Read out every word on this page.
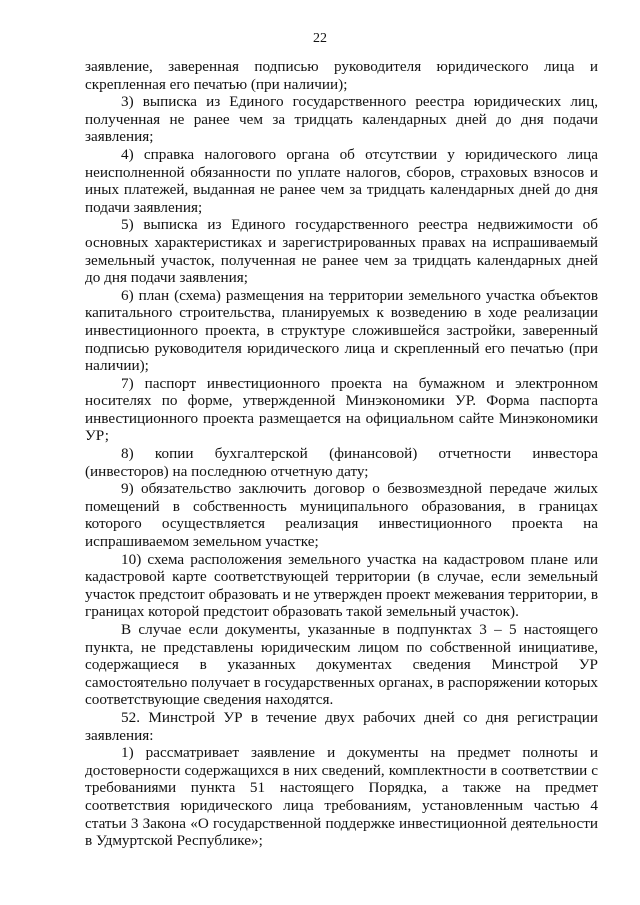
22

заявление, заверенная подписью руководителя юридического лица и скрепленная его печатью (при наличии);

3) выписка из Единого государственного реестра юридических лиц, полученная не ранее чем за тридцать календарных дней до дня подачи заявления;

4) справка налогового органа об отсутствии у юридического лица неисполненной обязанности по уплате налогов, сборов, страховых взносов и иных платежей, выданная не ранее чем за тридцать календарных дней до дня подачи заявления;

5) выписка из Единого государственного реестра недвижимости об основных характеристиках и зарегистрированных правах на испрашиваемый земельный участок, полученная не ранее чем за тридцать календарных дней до дня подачи заявления;

6) план (схема) размещения на территории земельного участка объектов капитального строительства, планируемых к возведению в ходе реализации инвестиционного проекта, в структуре сложившейся застройки, заверенный подписью руководителя юридического лица и скрепленный его печатью (при наличии);

7) паспорт инвестиционного проекта на бумажном и электронном носителях по форме, утвержденной Минэкономики УР. Форма паспорта инвестиционного проекта размещается на официальном сайте Минэкономики УР;

8) копии бухгалтерской (финансовой) отчетности инвестора (инвесторов) на последнюю отчетную дату;

9) обязательство заключить договор о безвозмездной передаче жилых помещений в собственность муниципального образования, в границах которого осуществляется реализация инвестиционного проекта на испрашиваемом земельном участке;

10) схема расположения земельного участка на кадастровом плане или кадастровой карте соответствующей территории (в случае, если земельный участок предстоит образовать и не утвержден проект межевания территории, в границах которой предстоит образовать такой земельный участок).

В случае если документы, указанные в подпунктах 3 – 5 настоящего пункта, не представлены юридическим лицом по собственной инициативе, содержащиеся в указанных документах сведения Минстрой УР самостоятельно получает в государственных органах, в распоряжении которых соответствующие сведения находятся.

52. Минстрой УР в течение двух рабочих дней со дня регистрации заявления:

1) рассматривает заявление и документы на предмет полноты и достоверности содержащихся в них сведений, комплектности в соответствии с требованиями пункта 51 настоящего Порядка, а также на предмет соответствия юридического лица требованиям, установленным частью 4 статьи 3 Закона «О государственной поддержке инвестиционной деятельности в Удмуртской Республике»;
